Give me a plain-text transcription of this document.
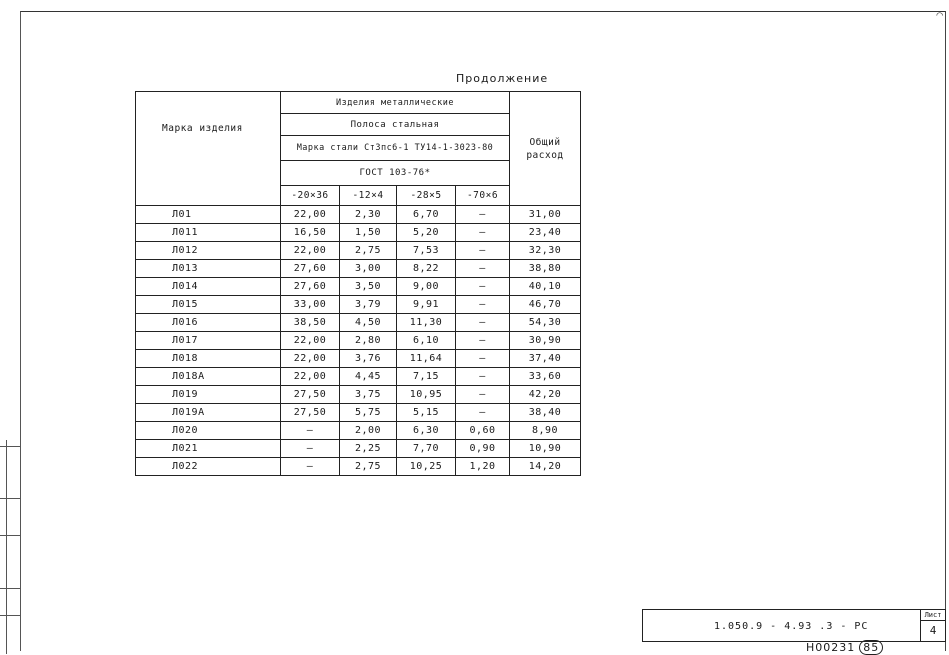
⌒
Продолжение
Марка изделия	Изделия металлические				Общий расход
	Полоса стальная				
	Марка стали Ст3пс6-1 ТУ14-1-3023-80				
	ГОСТ 103-76*				
	-20×36	-12×4	-28×5	-70×6	
Л01	22,00	2,30	6,70	–	31,00
Л011	16,50	1,50	5,20	–	23,40
Л012	22,00	2,75	7,53	–	32,30
Л013	27,60	3,00	8,22	–	38,80
Л014	27,60	3,50	9,00	–	40,10
Л015	33,00	3,79	9,91	–	46,70
Л016	38,50	4,50	11,30	–	54,30
Л017	22,00	2,80	6,10	–	30,90
Л018	22,00	3,76	11,64	–	37,40
Л018А	22,00	4,45	7,15	–	33,60
Л019	27,50	3,75	10,95	–	42,20
Л019А	27,50	5,75	5,15	–	38,40
Л020	–	2,00	6,30	0,60	8,90
Л021	–	2,25	7,70	0,90	10,90
Л022	–	2,75	10,25	1,20	14,20
1.050.9 - 4.93 .3 - РС
Лист
4
Н00231 85
